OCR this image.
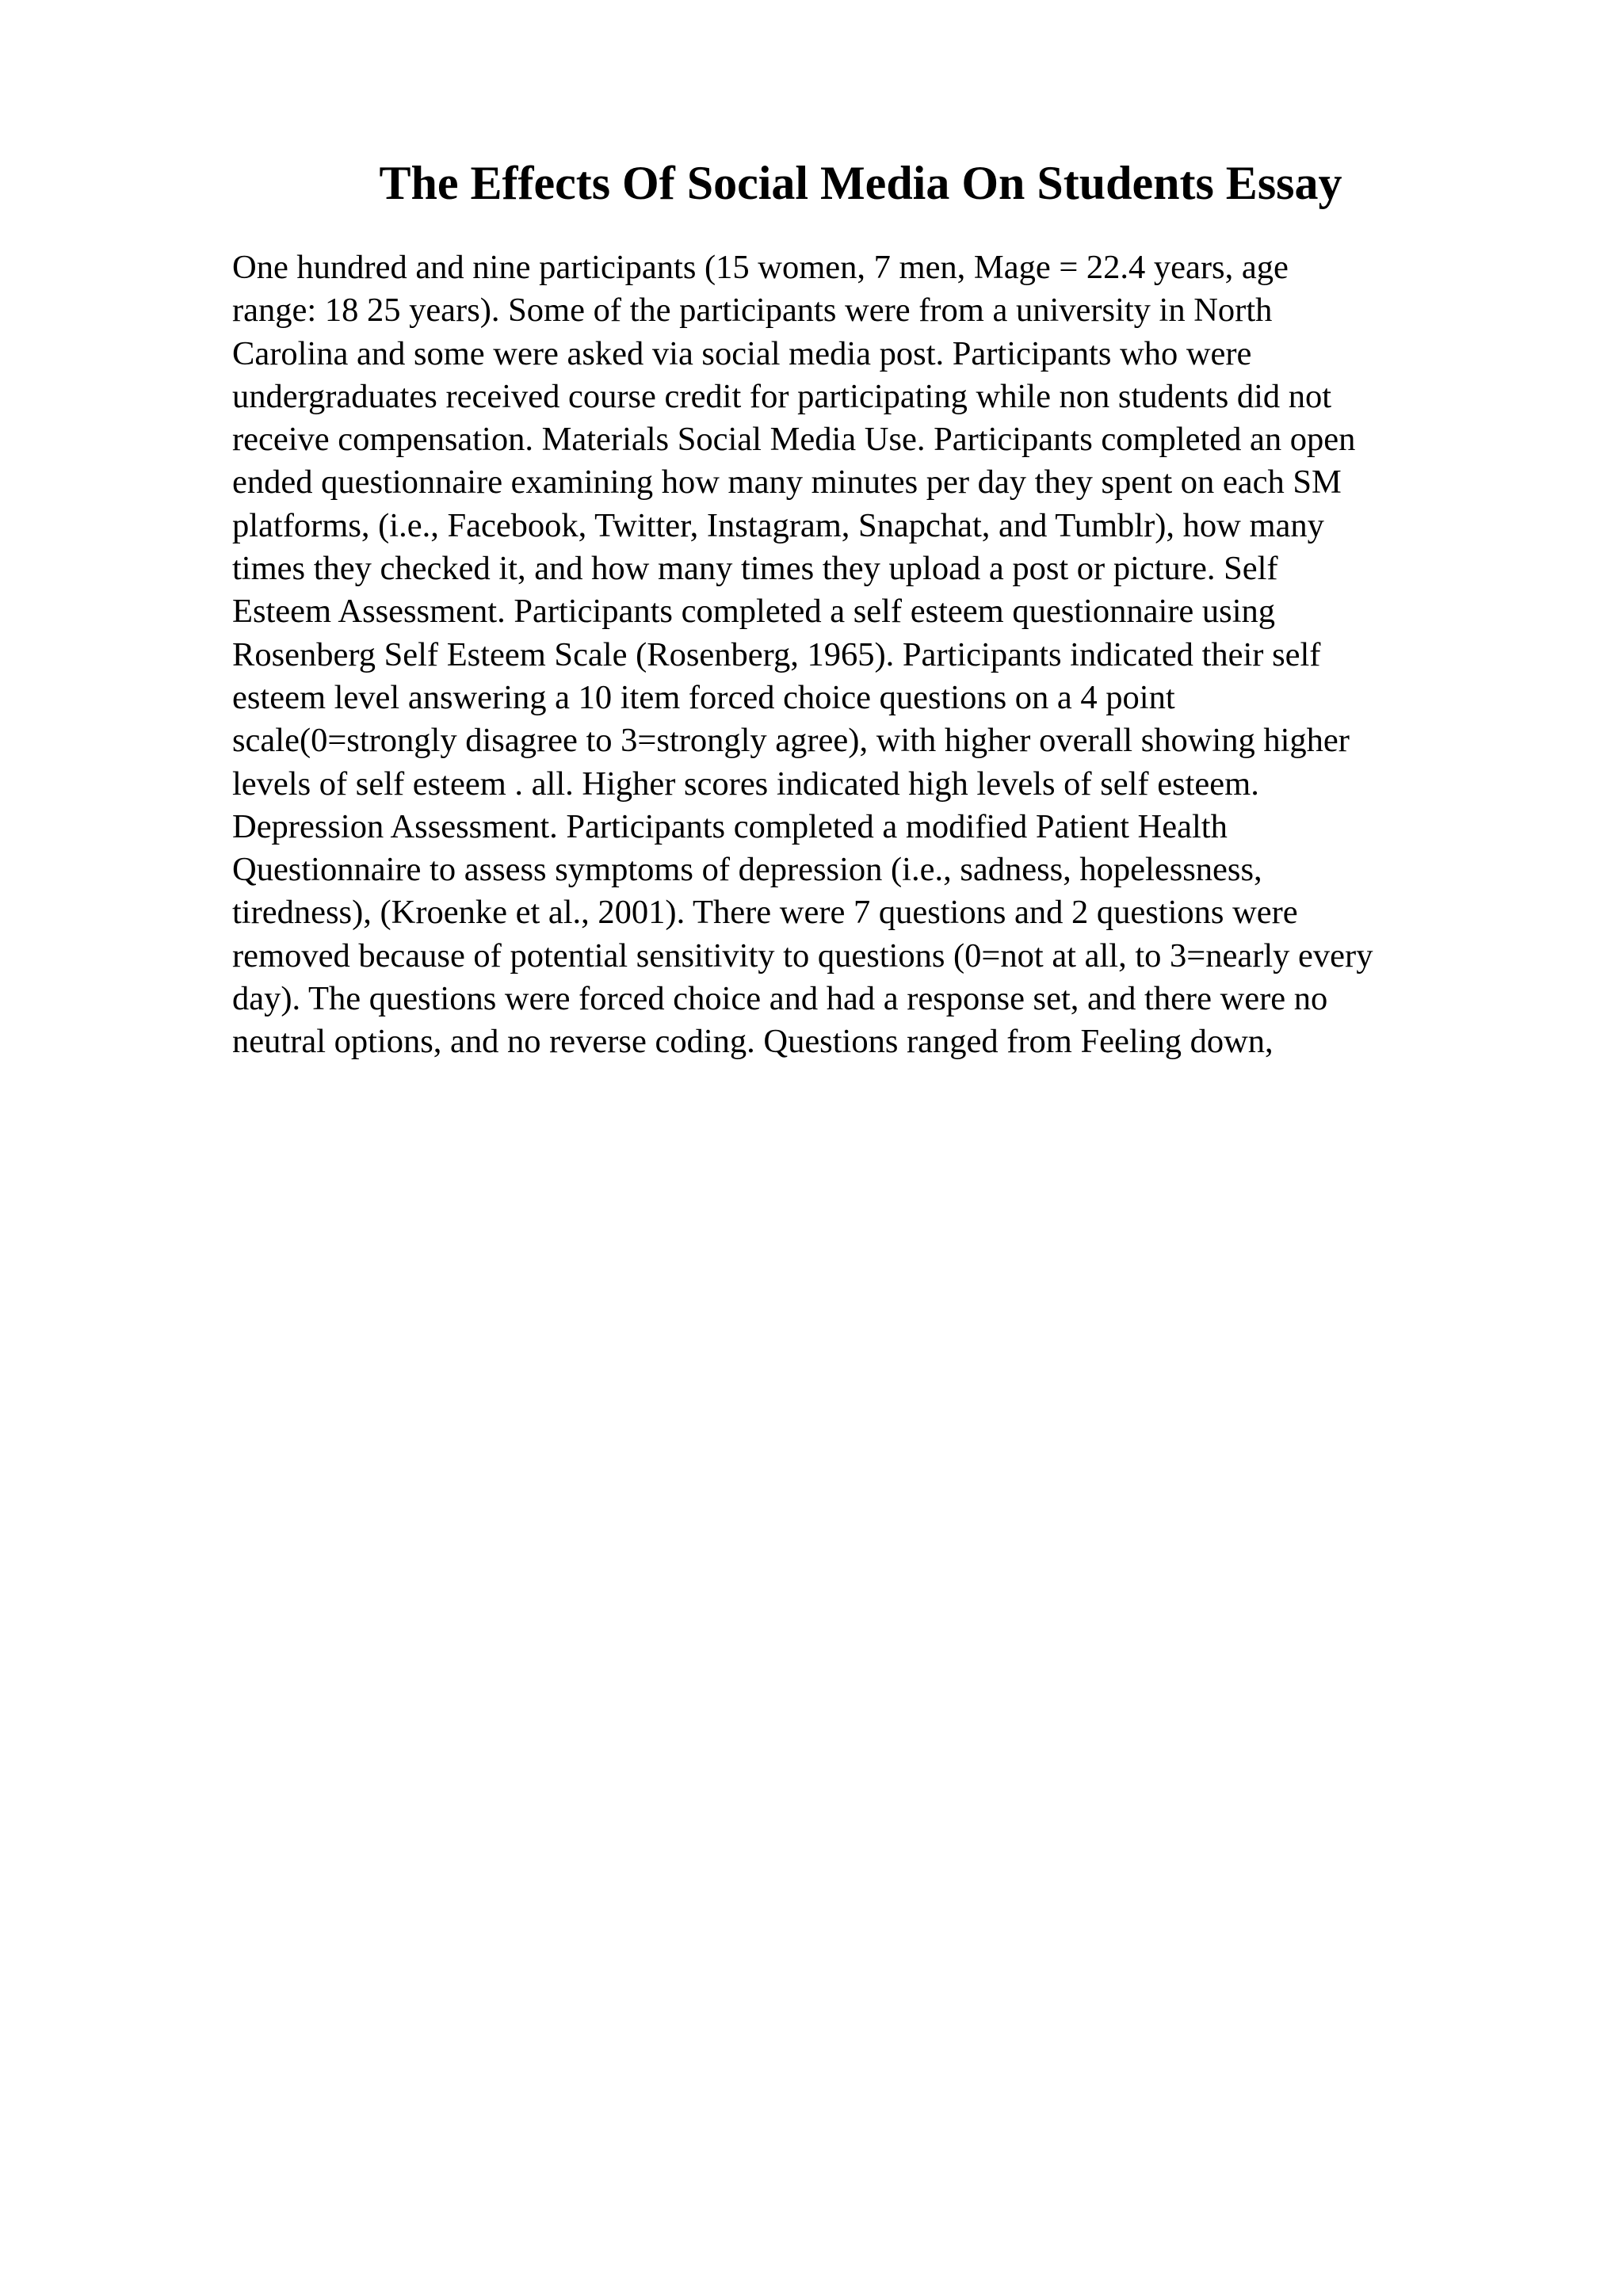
The Effects Of Social Media On Students Essay
One hundred and nine participants (15 women, 7 men, Mage = 22.4 years, age
range: 18 25 years). Some of the participants were from a university in North
Carolina and some were asked via social media post. Participants who were
undergraduates received course credit for participating while non students did not
receive compensation. Materials Social Media Use. Participants completed an open
ended questionnaire examining how many minutes per day they spent on each SM
platforms, (i.e., Facebook, Twitter, Instagram, Snapchat, and Tumblr), how many
times they checked it, and how many times they upload a post or picture. Self
Esteem Assessment. Participants completed a self esteem questionnaire using
Rosenberg Self Esteem Scale (Rosenberg, 1965). Participants indicated their self
esteem level answering a 10 item forced choice questions on a 4 point
scale(0=strongly disagree to 3=strongly agree), with higher overall showing higher
levels of self esteem . all. Higher scores indicated high levels of self esteem.
Depression Assessment. Participants completed a modified Patient Health
Questionnaire to assess symptoms of depression (i.e., sadness, hopelessness,
tiredness), (Kroenke et al., 2001). There were 7 questions and 2 questions were
removed because of potential sensitivity to questions (0=not at all, to 3=nearly every
day). The questions were forced choice and had a response set, and there were no
neutral options, and no reverse coding. Questions ranged from Feeling down,
